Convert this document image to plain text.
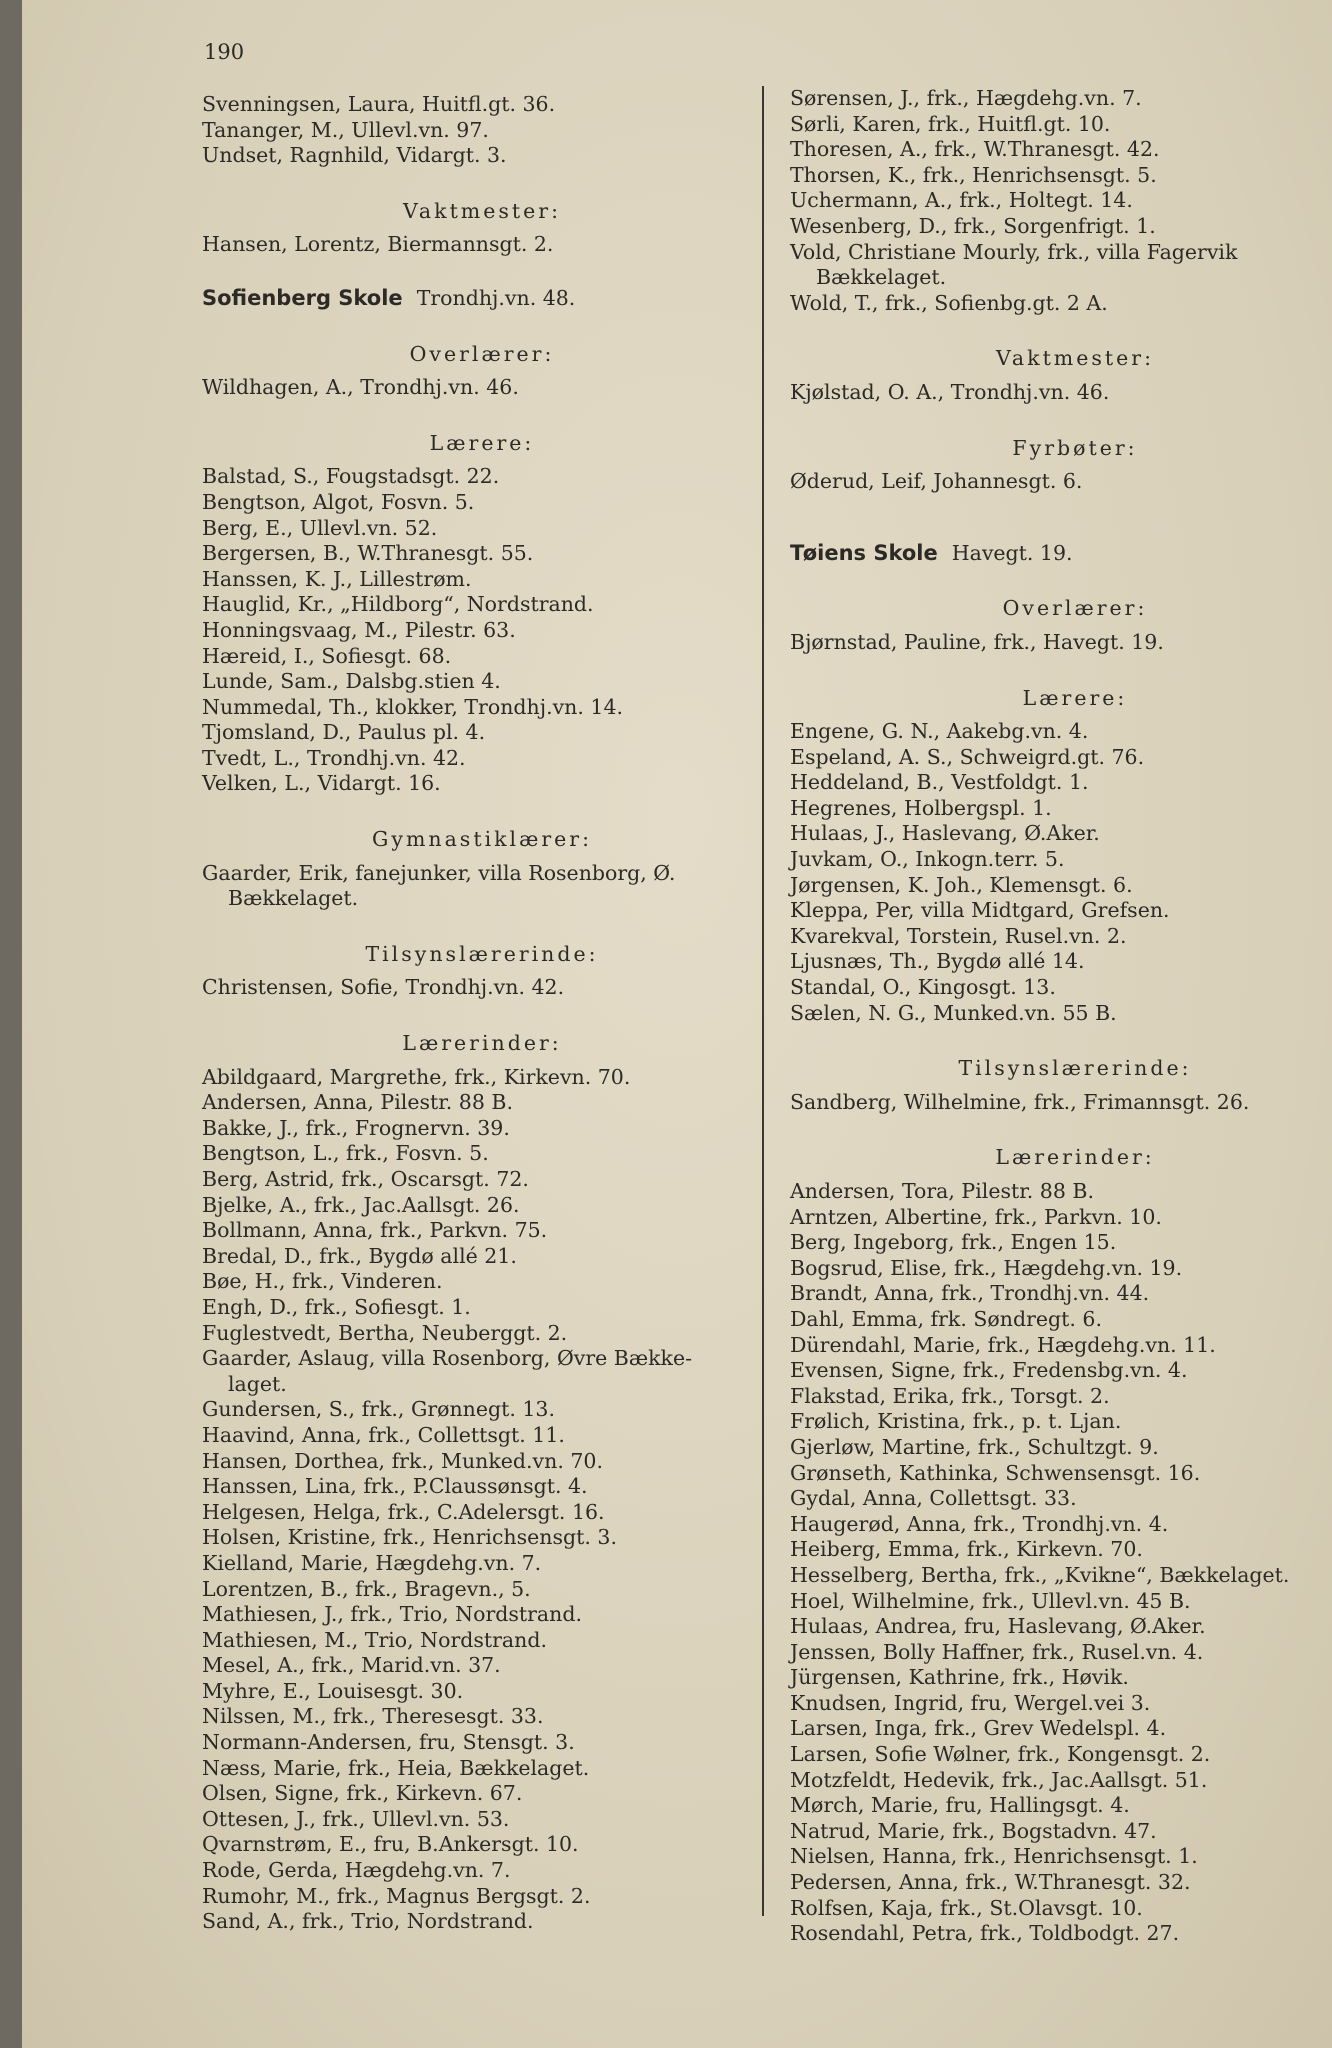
190
Svenningsen, Laura, Huitfl.gt. 36.
Tananger, M., Ullevl.vn. 97.
Undset, Ragnhild, Vidargt. 3.
Vaktmester:
Hansen, Lorentz, Biermannsgt. 2.
Sofienberg Skole Trondhj.vn. 48.
Overlærer:
Wildhagen, A., Trondhj.vn. 46.
Lærere:
Balstad, S., Fougstadsgt. 22.
Bengtson, Algot, Fosvn. 5.
Berg, E., Ullevl.vn. 52.
Bergersen, B., W.Thranesgt. 55.
Hanssen, K. J., Lillestrøm.
Hauglid, Kr., „Hildborg“, Nordstrand.
Honningsvaag, M., Pilestr. 63.
Hæreid, I., Sofiesgt. 68.
Lunde, Sam., Dalsbg.stien 4.
Nummedal, Th., klokker, Trondhj.vn. 14.
Tjomsland, D., Paulus pl. 4.
Tvedt, L., Trondhj.vn. 42.
Velken, L., Vidargt. 16.
Gymnastiklærer:
Gaarder, Erik, fanejunker, villa Rosenborg, Ø.
Bækkelaget.
Tilsynslærerinde:
Christensen, Sofie, Trondhj.vn. 42.
Lærerinder:
Abildgaard, Margrethe, frk., Kirkevn. 70.
Andersen, Anna, Pilestr. 88 B.
Bakke, J., frk., Frognervn. 39.
Bengtson, L., frk., Fosvn. 5.
Berg, Astrid, frk., Oscarsgt. 72.
Bjelke, A., frk., Jac.Aallsgt. 26.
Bollmann, Anna, frk., Parkvn. 75.
Bredal, D., frk., Bygdø allé 21.
Bøe, H., frk., Vinderen.
Engh, D., frk., Sofiesgt. 1.
Fuglestvedt, Bertha, Neuberggt. 2.
Gaarder, Aslaug, villa Rosenborg, Øvre Bække-
laget.
Gundersen, S., frk., Grønnegt. 13.
Haavind, Anna, frk., Collettsgt. 11.
Hansen, Dorthea, frk., Munked.vn. 70.
Hanssen, Lina, frk., P.Claussønsgt. 4.
Helgesen, Helga, frk., C.Adelersgt. 16.
Holsen, Kristine, frk., Henrichsensgt. 3.
Kielland, Marie, Hægdehg.vn. 7.
Lorentzen, B., frk., Bragevn., 5.
Mathiesen, J., frk., Trio, Nordstrand.
Mathiesen, M., Trio, Nordstrand.
Mesel, A., frk., Marid.vn. 37.
Myhre, E., Louisesgt. 30.
Nilssen, M., frk., Theresesgt. 33.
Normann-Andersen, fru, Stensgt. 3.
Næss, Marie, frk., Heia, Bækkelaget.
Olsen, Signe, frk., Kirkevn. 67.
Ottesen, J., frk., Ullevl.vn. 53.
Qvarnstrøm, E., fru, B.Ankersgt. 10.
Rode, Gerda, Hægdehg.vn. 7.
Rumohr, M., frk., Magnus Bergsgt. 2.
Sand, A., frk., Trio, Nordstrand.
Sørensen, J., frk., Hægdehg.vn. 7.
Sørli, Karen, frk., Huitfl.gt. 10.
Thoresen, A., frk., W.Thranesgt. 42.
Thorsen, K., frk., Henrichsensgt. 5.
Uchermann, A., frk., Holtegt. 14.
Wesenberg, D., frk., Sorgenfrigt. 1.
Vold, Christiane Mourly, frk., villa Fagervik
Bækkelaget.
Wold, T., frk., Sofienbg.gt. 2 A.
Vaktmester:
Kjølstad, O. A., Trondhj.vn. 46.
Fyrbøter:
Øderud, Leif, Johannesgt. 6.
Tøiens Skole Havegt. 19.
Overlærer:
Bjørnstad, Pauline, frk., Havegt. 19.
Lærere:
Engene, G. N., Aakebg.vn. 4.
Espeland, A. S., Schweigrd.gt. 76.
Heddeland, B., Vestfoldgt. 1.
Hegrenes, Holbergspl. 1.
Hulaas, J., Haslevang, Ø.Aker.
Juvkam, O., Inkogn.terr. 5.
Jørgensen, K. Joh., Klemensgt. 6.
Kleppa, Per, villa Midtgard, Grefsen.
Kvarekval, Torstein, Rusel.vn. 2.
Ljusnæs, Th., Bygdø allé 14.
Standal, O., Kingosgt. 13.
Sælen, N. G., Munked.vn. 55 B.
Tilsynslærerinde:
Sandberg, Wilhelmine, frk., Frimannsgt. 26.
Lærerinder:
Andersen, Tora, Pilestr. 88 B.
Arntzen, Albertine, frk., Parkvn. 10.
Berg, Ingeborg, frk., Engen 15.
Bogsrud, Elise, frk., Hægdehg.vn. 19.
Brandt, Anna, frk., Trondhj.vn. 44.
Dahl, Emma, frk. Søndregt. 6.
Dürendahl, Marie, frk., Hægdehg.vn. 11.
Evensen, Signe, frk., Fredensbg.vn. 4.
Flakstad, Erika, frk., Torsgt. 2.
Frølich, Kristina, frk., p. t. Ljan.
Gjerløw, Martine, frk., Schultzgt. 9.
Grønseth, Kathinka, Schwensensgt. 16.
Gydal, Anna, Collettsgt. 33.
Haugerød, Anna, frk., Trondhj.vn. 4.
Heiberg, Emma, frk., Kirkevn. 70.
Hesselberg, Bertha, frk., „Kvikne“, Bækkelaget.
Hoel, Wilhelmine, frk., Ullevl.vn. 45 B.
Hulaas, Andrea, fru, Haslevang, Ø.Aker.
Jenssen, Bolly Haffner, frk., Rusel.vn. 4.
Jürgensen, Kathrine, frk., Høvik.
Knudsen, Ingrid, fru, Wergel.vei 3.
Larsen, Inga, frk., Grev Wedelspl. 4.
Larsen, Sofie Wølner, frk., Kongensgt. 2.
Motzfeldt, Hedevik, frk., Jac.Aallsgt. 51.
Mørch, Marie, fru, Hallingsgt. 4.
Natrud, Marie, frk., Bogstadvn. 47.
Nielsen, Hanna, frk., Henrichsensgt. 1.
Pedersen, Anna, frk., W.Thranesgt. 32.
Rolfsen, Kaja, frk., St.Olavsgt. 10.
Rosendahl, Petra, frk., Toldbodgt. 27.
